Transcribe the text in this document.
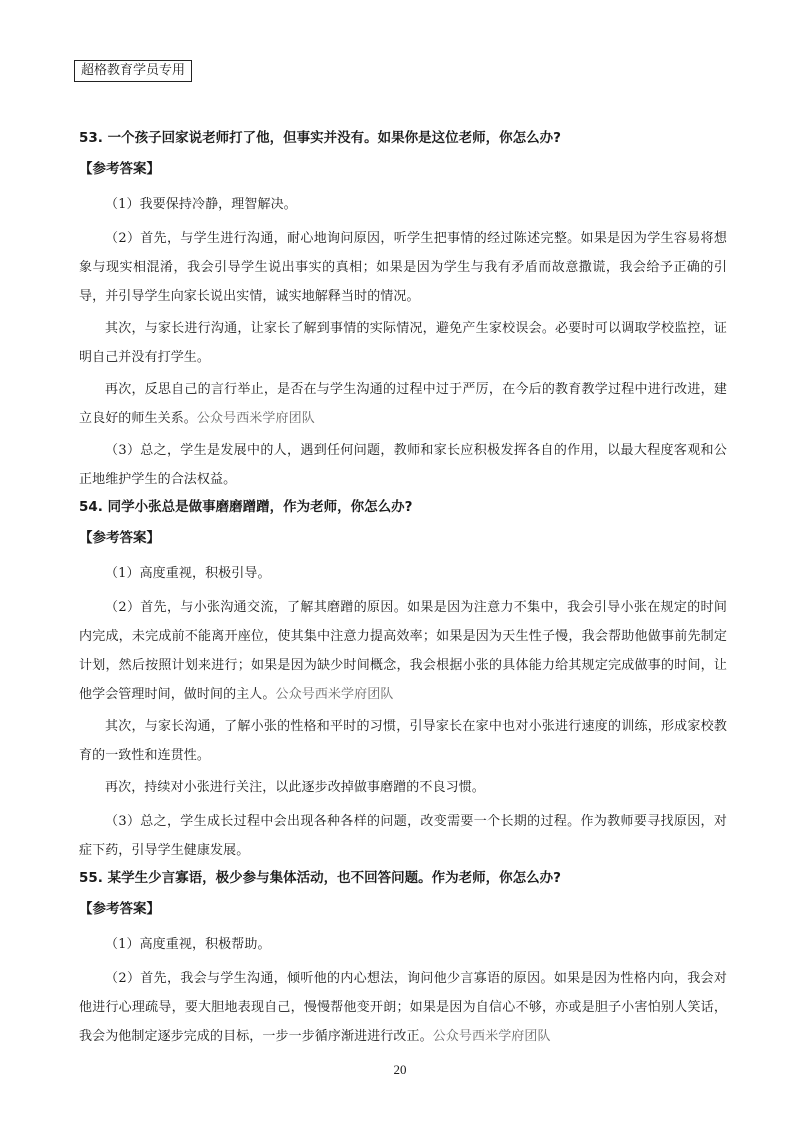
超格教育学员专用
53. 一个孩子回家说老师打了他，但事实并没有。如果你是这位老师，你怎么办?
【参考答案】

（1）我要保持冷静，理智解决。

（2）首先，与学生进行沟通，耐心地询问原因，听学生把事情的经过陈述完整。如果是因为学生容易将想象与现实相混淆，我会引导学生说出事实的真相；如果是因为学生与我有矛盾而故意撒谎，我会给予正确的引导，并引导学生向家长说出实情，诚实地解释当时的情况。

其次，与家长进行沟通，让家长了解到事情的实际情况，避免产生家校误会。必要时可以调取学校监控，证明自己并没有打学生。

再次，反思自己的言行举止，是否在与学生沟通的过程中过于严厉，在今后的教育教学过程中进行改进，建立良好的师生关系。公众号西米学府团队

（3）总之，学生是发展中的人，遇到任何问题，教师和家长应积极发挥各自的作用，以最大程度客观和公正地维护学生的合法权益。

54. 同学小张总是做事磨磨蹭蹭，作为老师，你怎么办?
【参考答案】

（1）高度重视，积极引导。

（2）首先，与小张沟通交流，了解其磨蹭的原因。如果是因为注意力不集中，我会引导小张在规定的时间内完成，未完成前不能离开座位，使其集中注意力提高效率；如果是因为天生性子慢，我会帮助他做事前先制定计划，然后按照计划来进行；如果是因为缺少时间概念，我会根据小张的具体能力给其规定完成做事的时间，让他学会管理时间，做时间的主人。公众号西米学府团队

其次，与家长沟通，了解小张的性格和平时的习惯，引导家长在家中也对小张进行速度的训练，形成家校教育的一致性和连贯性。

再次，持续对小张进行关注，以此逐步改掉做事磨蹭的不良习惯。

（3）总之，学生成长过程中会出现各种各样的问题，改变需要一个长期的过程。作为教师要寻找原因，对症下药，引导学生健康发展。

55. 某学生少言寡语，极少参与集体活动，也不回答问题。作为老师，你怎么办?
【参考答案】

（1）高度重视，积极帮助。

（2）首先，我会与学生沟通，倾听他的内心想法，询问他少言寡语的原因。如果是因为性格内向，我会对他进行心理疏导，要大胆地表现自己，慢慢帮他变开朗；如果是因为自信心不够，亦或是胆子小害怕别人笑话，我会为他制定逐步完成的目标，一步一步循序渐进进行改正。公众号西米学府团队

20
